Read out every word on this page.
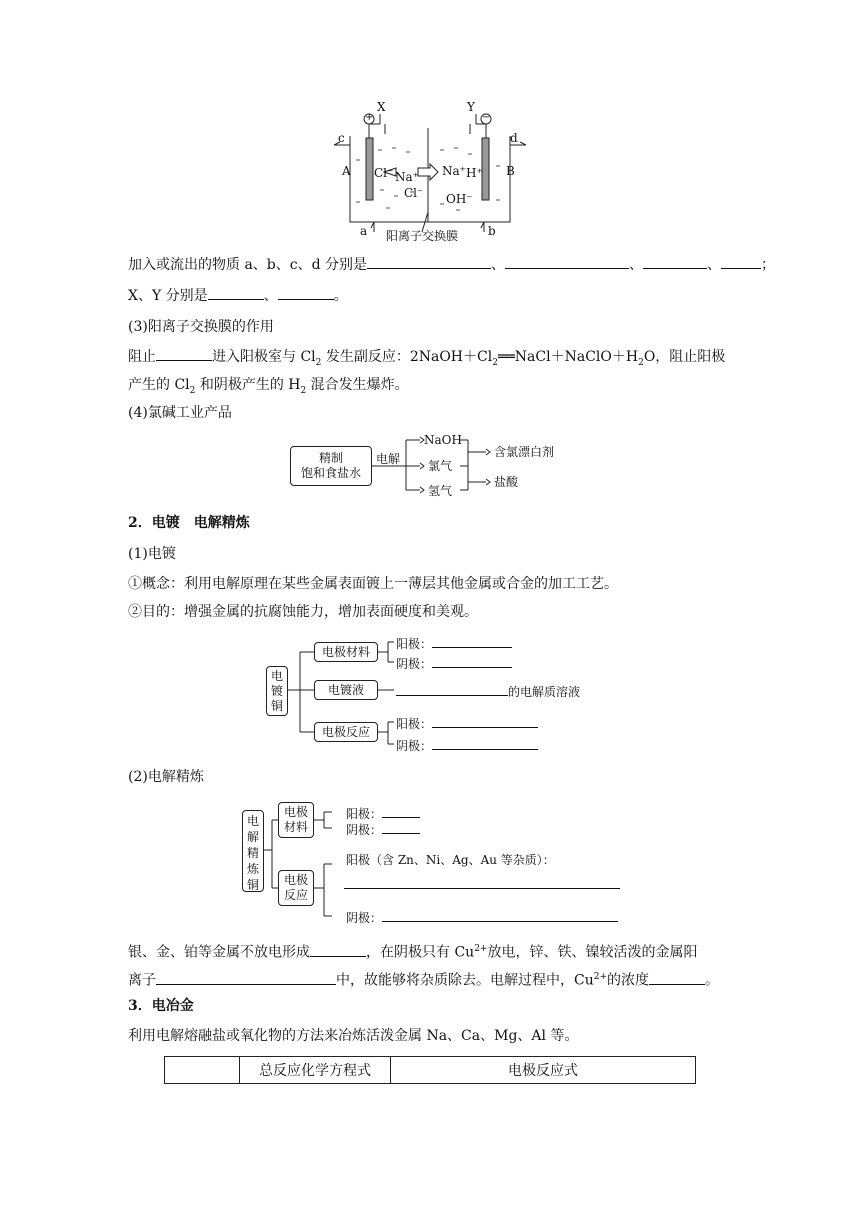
X	Y
+	−
c	d
A	B
Cl⁻ Na⁺
Cl⁻
Na⁺ H⁺
OH⁻
a	b
阳离子交换膜
加入或流出的物质 a、b、c、d 分别是	、	、	、	；
X、Y 分别是	、	。
(3)阳离子交换膜的作用
阻止	进入阳极室与 $Cl_2$ 发生副反应：$2NaOH+Cl_2══NaCl+NaClO+H_2O$，阻止阳极
产生的 $Cl_2$ 和阴极产生的 $H_2$ 混合发生爆炸。
(4)氯碱工业产品
精制
饱和食盐水
电解
NaOH
氯气
氢气
含氯漂白剂
盐酸
2．电镀　电解精炼
(1)电镀
①概念：利用电解原理在某些金属表面镀上一薄层其他金属或合金的加工工艺。
②目的：增强金属的抗腐蚀能力，增加表面硬度和美观。
电镀铜
电极材料
电镀液
电极反应
阳极：
阴极：
的电解质溶液
阳极：
阴极：
(2)电解精炼
电解精炼铜
电极
材料
电极
反应
阳极：
阴极：
阳极（含 Zn、Ni、Ag、Au 等杂质）：
阴极：
银、金、铂等金属不放电形成	，在阴极只有 $Cu^{2+}$放电，锌、铁、镍较活泼的金属阳
离子	中，故能够将杂质除去。电解过程中，$Cu^{2+}$的浓度	。
3．电冶金
利用电解熔融盐或氧化物的方法来冶炼活泼金属 Na、Ca、Mg、Al 等。
	总反应化学方程式	电极反应式
